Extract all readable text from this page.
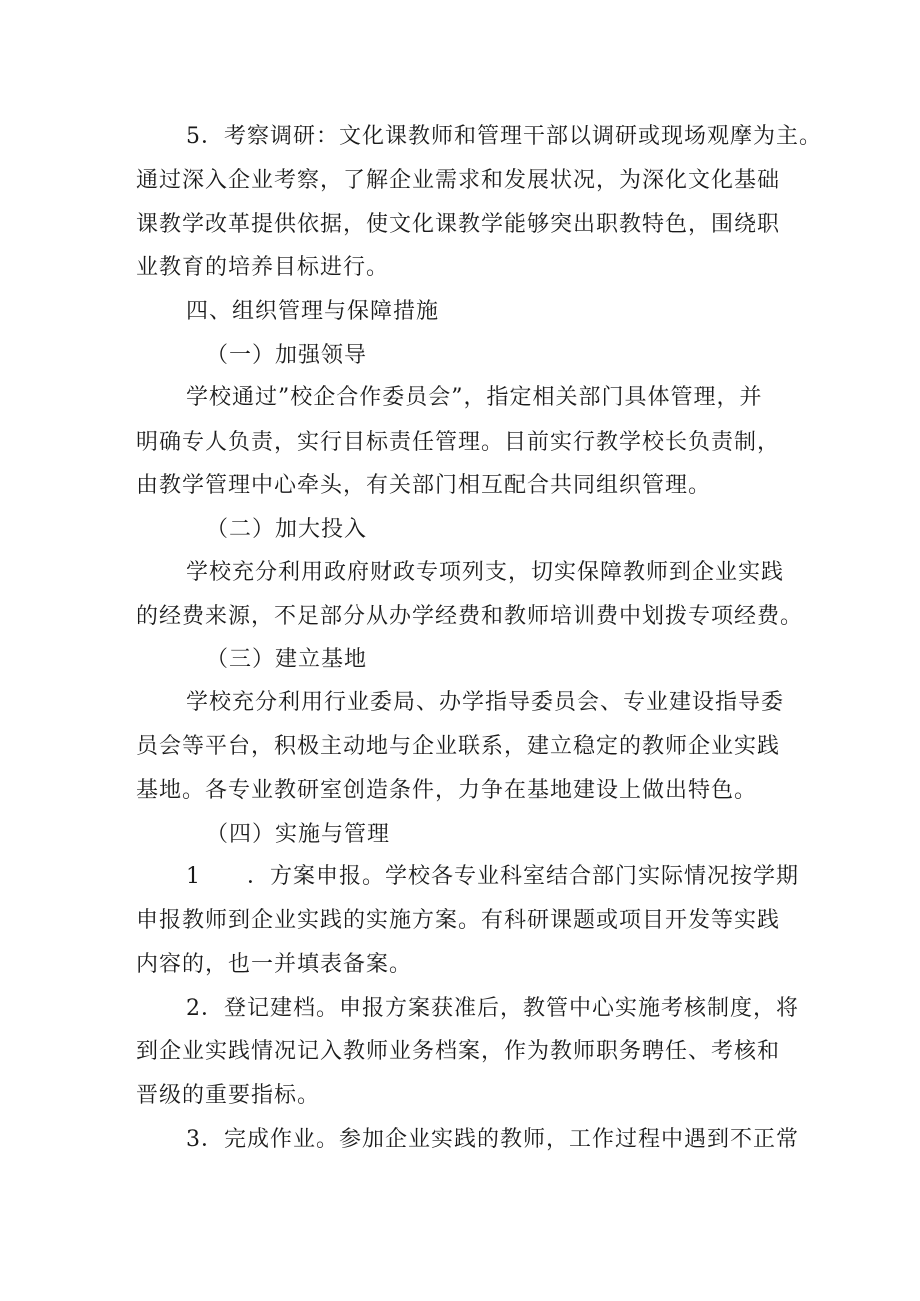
5．考察调研：文化课教师和管理干部以调研或现场观摩为主。
通过深入企业考察，了解企业需求和发展状况，为深化文化基础
课教学改革提供依据，使文化课教学能够突出职教特色，围绕职
业教育的培养目标进行。
四、组织管理与保障措施
（一）加强领导
学校通过”校企合作委员会”，指定相关部门具体管理，并
明确专人负责，实行目标责任管理。目前实行教学校长负责制，
由教学管理中心牵头，有关部门相互配合共同组织管理。
（二）加大投入
学校充分利用政府财政专项列支，切实保障教师到企业实践
的经费来源，不足部分从办学经费和教师培训费中划拨专项经费。
（三）建立基地
学校充分利用行业委局、办学指导委员会、专业建设指导委
员会等平台，积极主动地与企业联系，建立稳定的教师企业实践
基地。各专业教研室创造条件，力争在基地建设上做出特色。
（四）实施与管理
1　　．方案申报。学校各专业科室结合部门实际情况按学期
申报教师到企业实践的实施方案。有科研课题或项目开发等实践
内容的，也一并填表备案。
2．登记建档。申报方案获准后，教管中心实施考核制度，将
到企业实践情况记入教师业务档案，作为教师职务聘任、考核和
晋级的重要指标。
3．完成作业。参加企业实践的教师，工作过程中遇到不正常
